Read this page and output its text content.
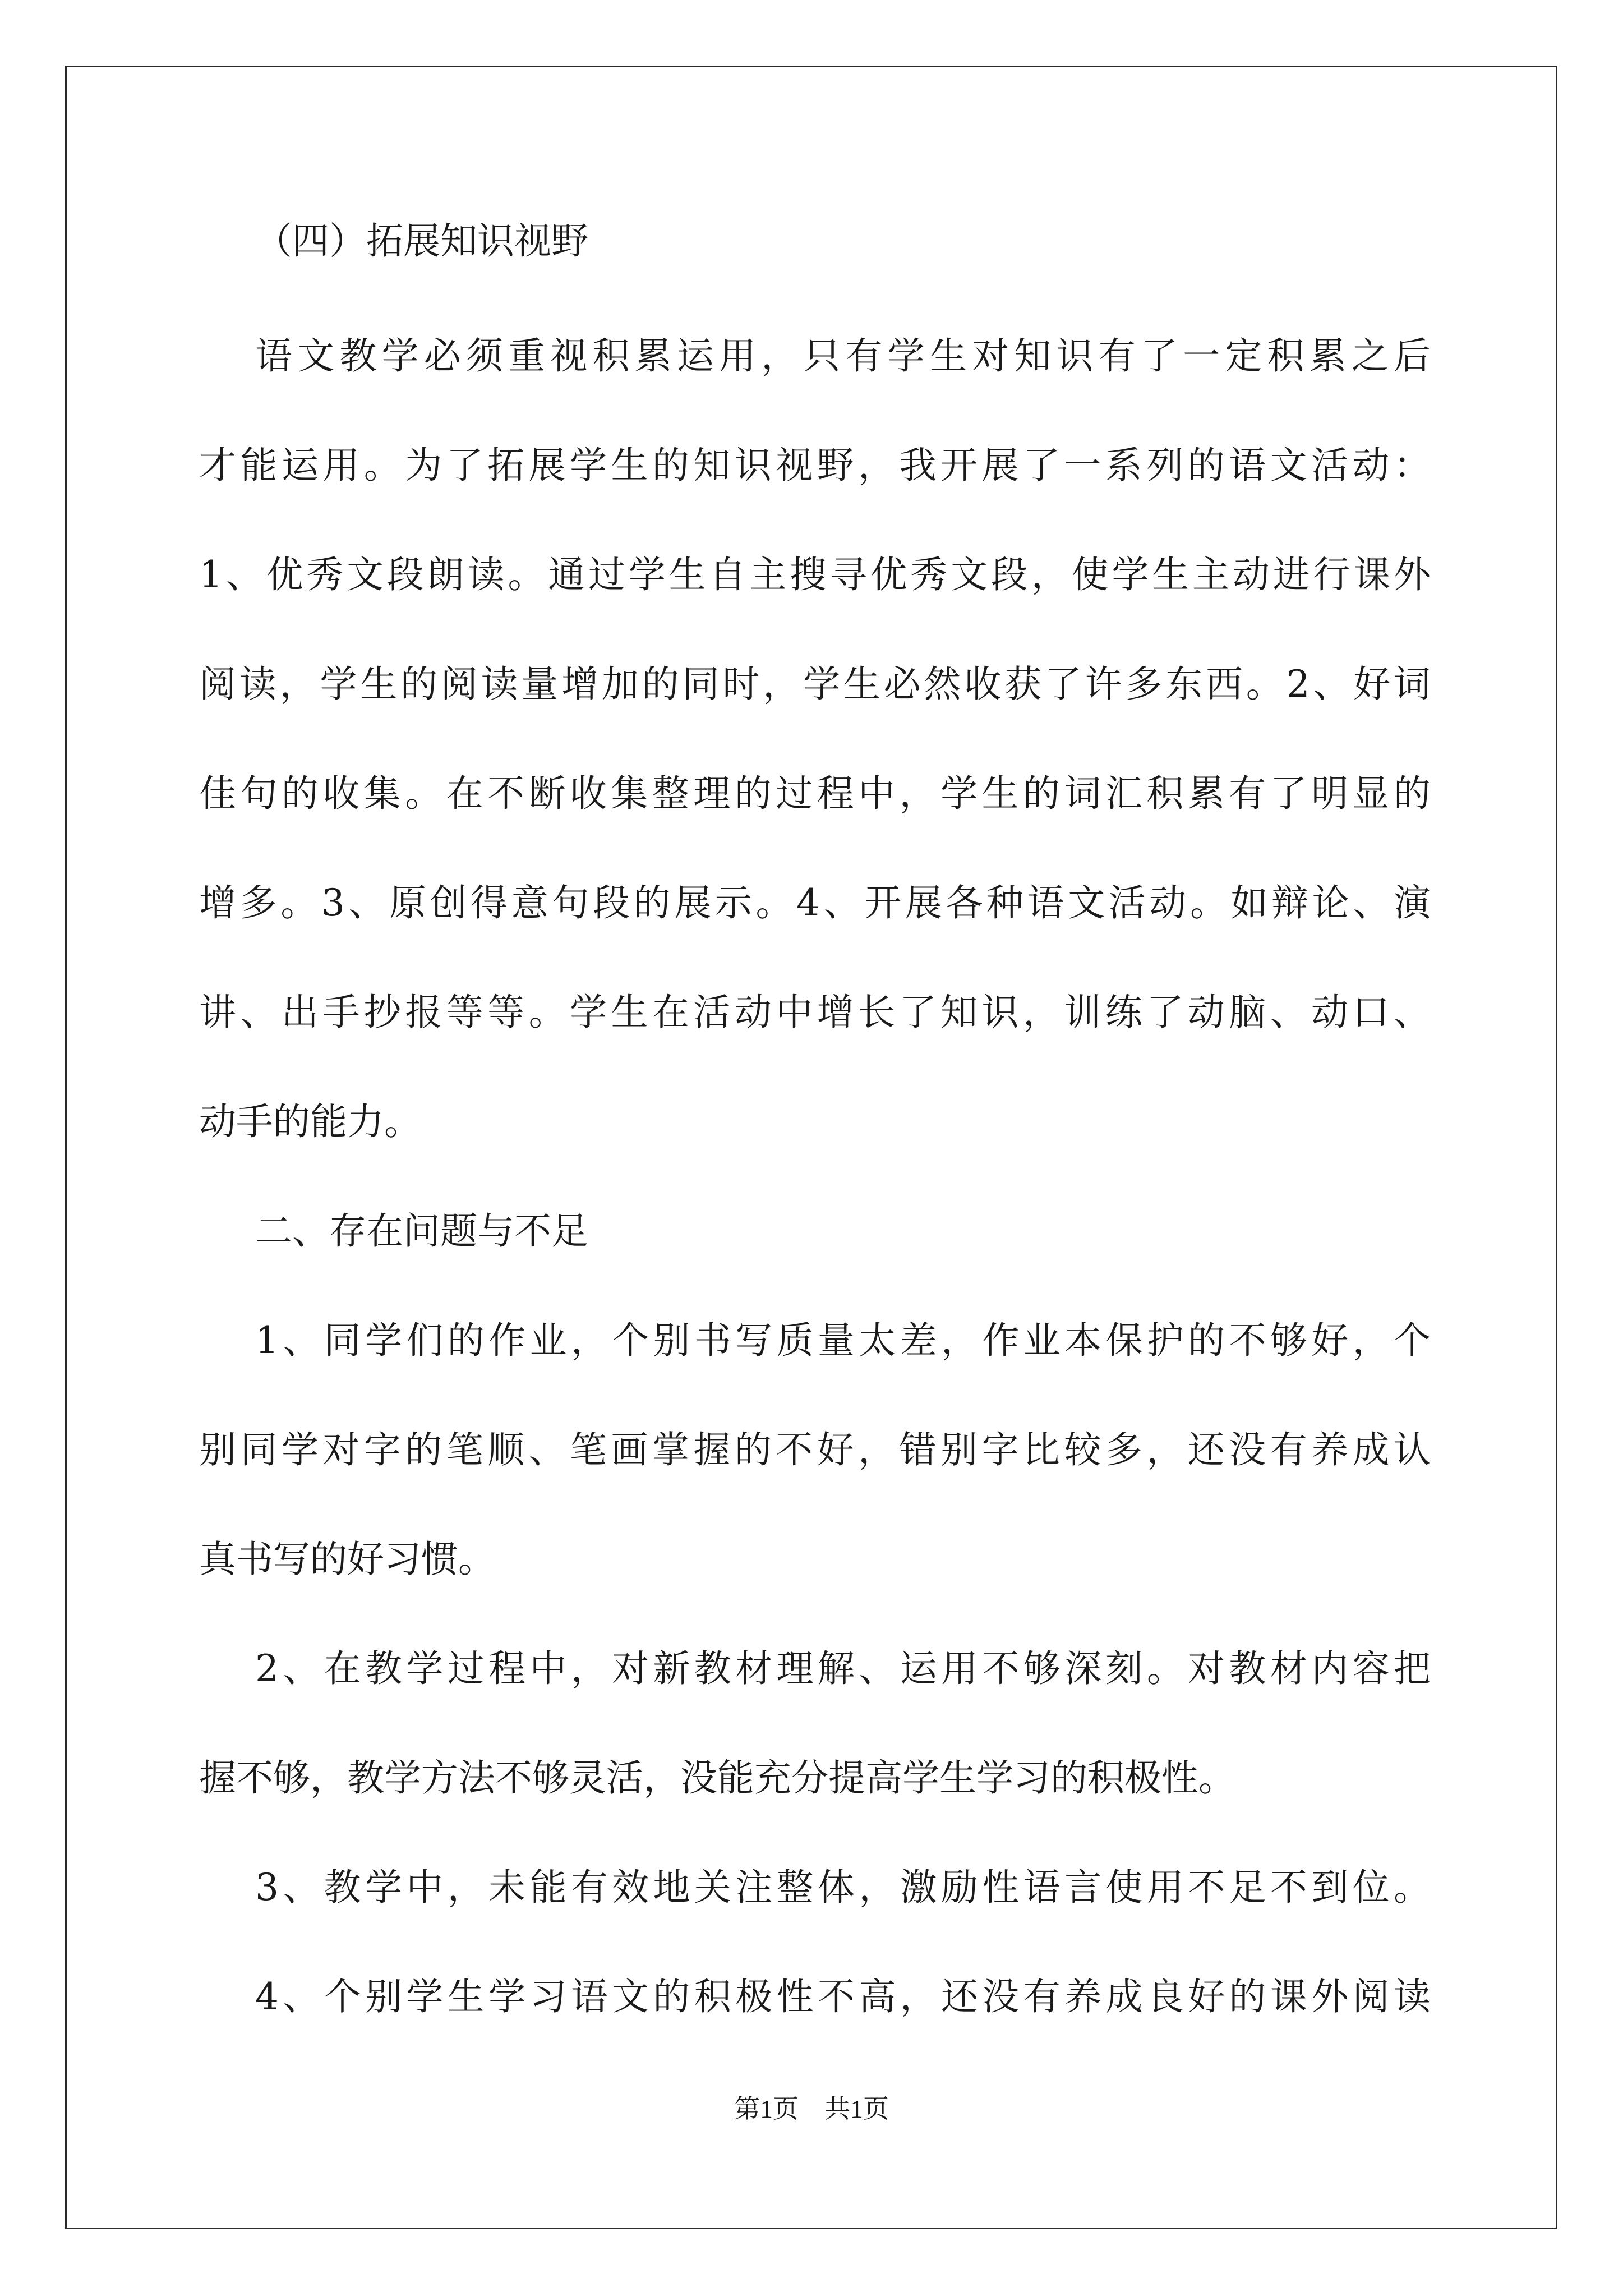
（四）拓展知识视野
语文教学必须重视积累运用，只有学生对知识有了一定积累之后
才能运用。为了拓展学生的知识视野，我开展了一系列的语文活动：
1、优秀文段朗读。通过学生自主搜寻优秀文段，使学生主动进行课外
阅读，学生的阅读量增加的同时，学生必然收获了许多东西。2、好词
佳句的收集。在不断收集整理的过程中，学生的词汇积累有了明显的
增多。3、原创得意句段的展示。4、开展各种语文活动。如辩论、演
讲、出手抄报等等。学生在活动中增长了知识，训练了动脑、动口、
动手的能力。
二、存在问题与不足
1、同学们的作业，个别书写质量太差，作业本保护的不够好，个
别同学对字的笔顺、笔画掌握的不好，错别字比较多，还没有养成认
真书写的好习惯。
2、在教学过程中，对新教材理解、运用不够深刻。对教材内容把
握不够，教学方法不够灵活，没能充分提高学生学习的积极性。
3、教学中，未能有效地关注整体，激励性语言使用不足不到位。
4、个别学生学习语文的积极性不高，还没有养成良好的课外阅读
第1页　共1页
